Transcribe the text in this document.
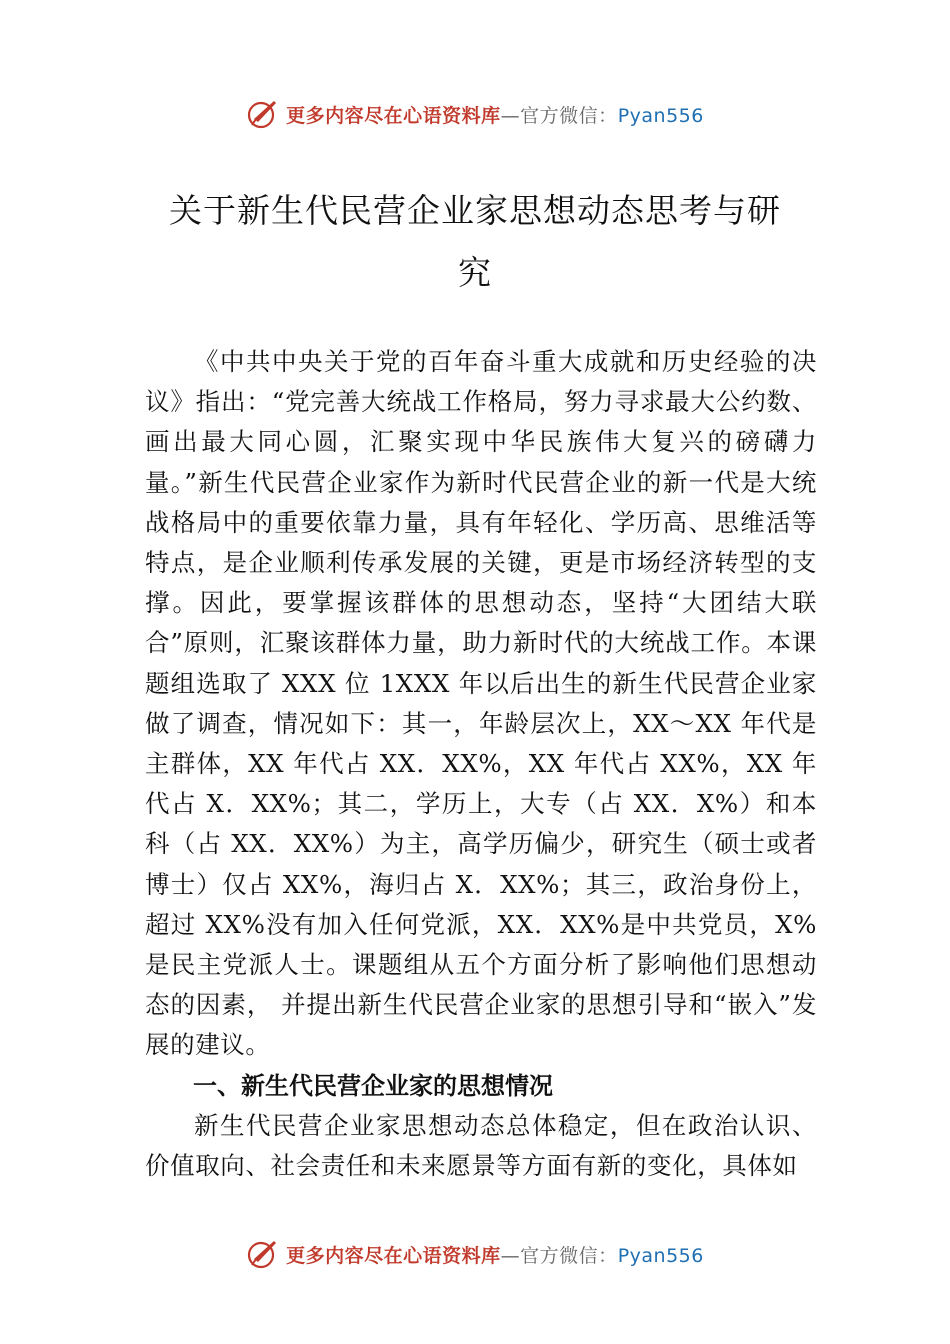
更多内容尽在心语资料库—官方微信：Pyan556
关于新生代民营企业家思想动态思考与研
究

《中共中央关于党的百年奋斗重大成就和历史经验的决议》指出：“党完善大统战工作格局，努力寻求最大公约数、画出最大同心圆，汇聚实现中华民族伟大复兴的磅礴力量。”新生代民营企业家作为新时代民营企业的新一代是大统战格局中的重要依靠力量，具有年轻化、学历高、思维活等特点，是企业顺利传承发展的关键，更是市场经济转型的支撑。因此，要掌握该群体的思想动态，坚持“大团结大联合”原则，汇聚该群体力量，助力新时代的大统战工作。本课题组选取了 XXX 位 1XXX 年以后出生的新生代民营企业家做了调查，情况如下：其一，年龄层次上，XX～XX 年代是主群体，XX 年代占 XX．XX%，XX 年代占 XX%，XX 年代占 X．XX%；其二，学历上，大专（占 XX．X%）和本科（占 XX．XX%）为主，高学历偏少，研究生（硕士或者博士）仅占 XX%，海归占 X．XX%；其三，政治身份上，超过 XX%没有加入任何党派，XX．XX%是中共党员，X%是民主党派人士。课题组从五个方面分析了影响他们思想动态的因素， 并提出新生代民营企业家的思想引导和“嵌入”发展的建议。

一、新生代民营企业家的思想情况

新生代民营企业家思想动态总体稳定，但在政治认识、价值取向、社会责任和未来愿景等方面有新的变化，具体如

更多内容尽在心语资料库—官方微信：Pyan556
